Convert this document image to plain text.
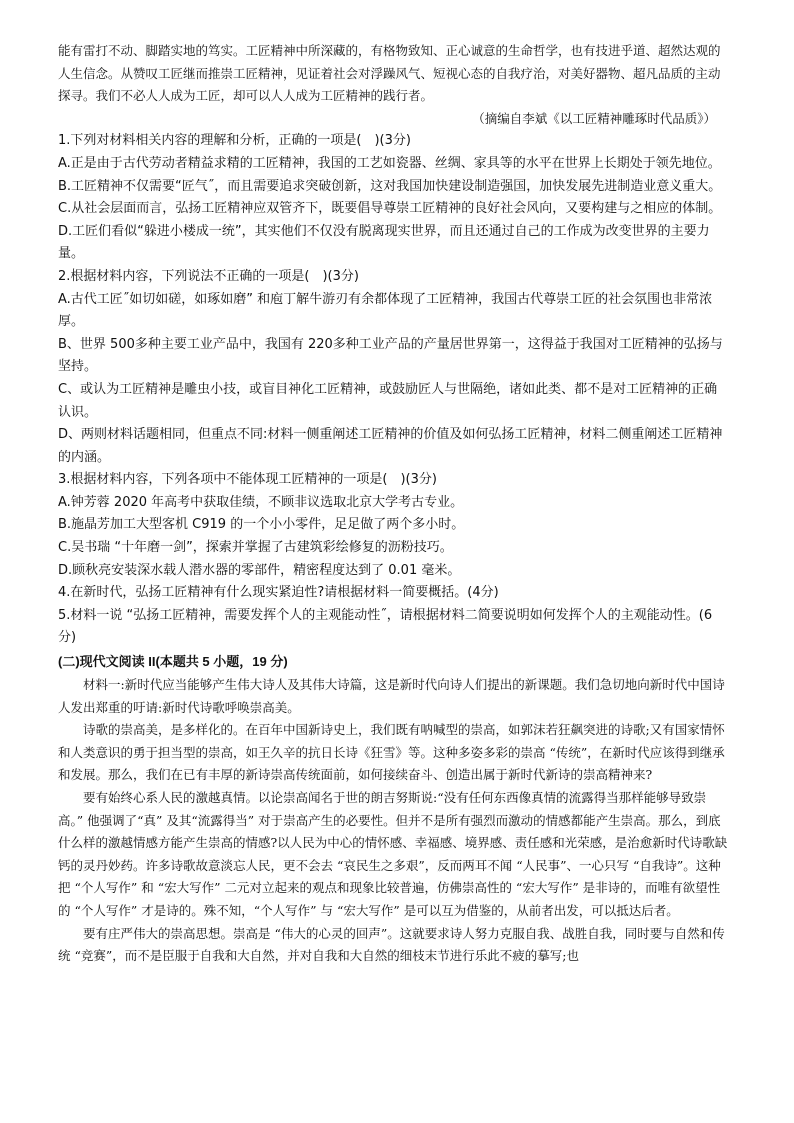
能有雷打不动、脚踏实地的笃实。工匠精神中所深藏的，有格物致知、正心诚意的生命哲学，也有技进乎道、超然达观的人生信念。从赞叹工匠继而推崇工匠精神，见证着社会对浮躁风气、短视心态的自我疗治，对美好器物、超凡品质的主动探寻。我们不必人人成为工匠，却可以人人成为工匠精神的践行者。

（摘编自李斌《以工匠精神雕琢时代品质》）

1.下列对材料相关内容的理解和分析，正确的一项是(　)(3分)

A.正是由于古代劳动者精益求精的工匠精神，我国的工艺如瓷器、丝绸、家具等的水平在世界上长期处于领先地位。

B.工匠精神不仅需要“匠气˝，而且需要追求突破创新，这对我国加快建设制造强国，加快发展先进制造业意义重大。

C.从社会层面而言，弘扬工匠精神应双管齐下，既要倡导尊崇工匠精神的良好社会风向，又要构建与之相应的体制。

D.工匠们看似“躲进小楼成一统”，其实他们不仅没有脱离现实世界，而且还通过自己的工作成为改变世界的主要力量。

2.根据材料内容，下列说法不正确的一项是(　)(3分)

A.古代工匠˝如切如磋，如琢如磨” 和庖丁解牛游刃有余都体现了工匠精神，我国古代尊崇工匠的社会氛围也非常浓厚。

B、世界 500多种主要工业产品中，我国有 220多种工业产品的产量居世界第一，这得益于我国对工匠精神的弘扬与坚持。

C、或认为工匠精神是雕虫小技，或盲目神化工匠精神，或鼓励匠人与世隔绝，诸如此类、都不是对工匠精神的正确认识。

D、两则材料话题相同，但重点不同:材料一侧重阐述工匠精神的价值及如何弘扬工匠精神，材料二侧重阐述工匠精神的内涵。

3.根据材料内容，下列各项中不能体现工匠精神的一项是(　)(3分)

A.钟芳蓉 2020 年高考中获取佳绩，不顾非议选取北京大学考古专业。

B.施晶芳加工大型客机 C919 的一个小小零件，足足做了两个多小时。

C.吴书瑞 “十年磨一剑”，探索并掌握了古建筑彩绘修复的沥粉技巧。

D.顾秋亮安装深水载人潜水器的零部件，精密程度达到了 0.01 毫米。

4.在新时代，弘扬工匠精神有什么现实紧迫性?请根据材料一简要概括。(4分)

5.材料一说 “弘扬工匠精神，需要发挥个人的主观能动性˝，请根据材料二简要说明如何发挥个人的主观能动性。(6分)

(二)现代文阅读 II(本题共 5 小题，19 分)

材料一:新时代应当能够产生伟大诗人及其伟大诗篇，这是新时代向诗人们提出的新课题。我们急切地向新时代中国诗人发出郑重的吁请:新时代诗歌呼唤崇高美。

诗歌的崇高美，是多样化的。在百年中国新诗史上，我们既有呐喊型的崇高，如郭沫若狂飙突进的诗歌;又有国家情怀和人类意识的勇于担当型的崇高，如王久辛的抗日长诗《狂雪》等。这种多姿多彩的崇高 “传统”，在新时代应该得到继承和发展。那么，我们在已有丰厚的新诗崇高传统面前，如何接续奋斗、创造出属于新时代新诗的崇高精神来?

要有始终心系人民的激越真情。以论崇高闻名于世的朗吉努斯说:“没有任何东西像真情的流露得当那样能够导致崇高。” 他强调了“真” 及其“流露得当” 对于崇高产生的必要性。但并不是所有强烈而激动的情感都能产生崇高。那么，到底什么样的激越情感方能产生崇高的情感?以人民为中心的情怀感、幸福感、境界感、责任感和光荣感，是治愈新时代诗歌缺钙的灵丹妙药。许多诗歌故意淡忘人民，更不会去 “哀民生之多艰”，反而两耳不闻 “人民事”、一心只写 “自我诗”。这种把 “个人写作” 和 “宏大写作” 二元对立起来的观点和现象比较普遍，仿佛崇高性的 “宏大写作” 是非诗的，而唯有欲望性的 “个人写作” 才是诗的。殊不知，“个人写作” 与 “宏大写作” 是可以互为借鉴的，从前者出发，可以抵达后者。

要有庄严伟大的崇高思想。崇高是 “伟大的心灵的回声”。这就要求诗人努力克服自我、战胜自我，同时要与自然和传统 “竞赛”，而不是臣服于自我和大自然，并对自我和大自然的细枝末节进行乐此不疲的摹写;也
